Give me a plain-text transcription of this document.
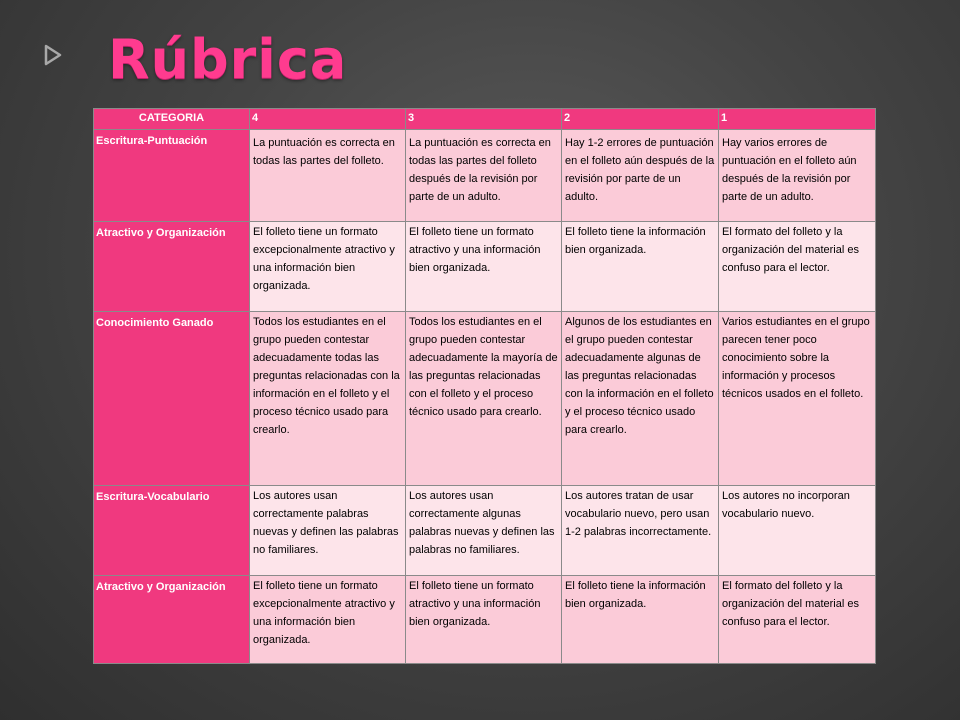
Rúbrica
CATEGORIA	4	3	2	1
Escritura-Puntuación	La puntuación es correcta en todas las partes del folleto.	La puntuación es correcta en todas las partes del folleto después de la revisión por parte de un adulto.	Hay 1-2 errores de puntuación en el folleto aún después de la revisión por parte de un adulto.	Hay varios errores de puntuación en el folleto aún después de la revisión por parte de un adulto.
Atractivo y Organización	El folleto tiene un formato excepcionalmente atractivo y una información bien organizada.	El folleto tiene un formato atractivo y una información bien organizada.	El folleto tiene la información bien organizada.	El formato del folleto y la organización del material es confuso para el lector.
Conocimiento Ganado	Todos los estudiantes en el grupo pueden contestar adecuadamente todas las preguntas relacionadas con la información en el folleto y el proceso técnico usado para crearlo.	Todos los estudiantes en el grupo pueden contestar adecuadamente la mayoría de las preguntas relacionadas con el folleto y el proceso técnico usado para crearlo.	Algunos de los estudiantes en el grupo pueden contestar adecuadamente algunas de las preguntas relacionadas con la información en el folleto y el proceso técnico usado para crearlo.	Varios estudiantes en el grupo parecen tener poco conocimiento sobre la información y procesos técnicos usados en el folleto.
Escritura-Vocabulario	Los autores usan correctamente palabras nuevas y definen las palabras no familiares.	Los autores usan correctamente algunas palabras nuevas y definen las palabras no familiares.	Los autores tratan de usar vocabulario nuevo, pero usan 1-2 palabras incorrectamente.	Los autores no incorporan vocabulario nuevo.
Atractivo y Organización	El folleto tiene un formato excepcionalmente atractivo y una información bien organizada.	El folleto tiene un formato atractivo y una información bien organizada.	El folleto tiene la información bien organizada.	El formato del folleto y la organización del material es confuso para el lector.
